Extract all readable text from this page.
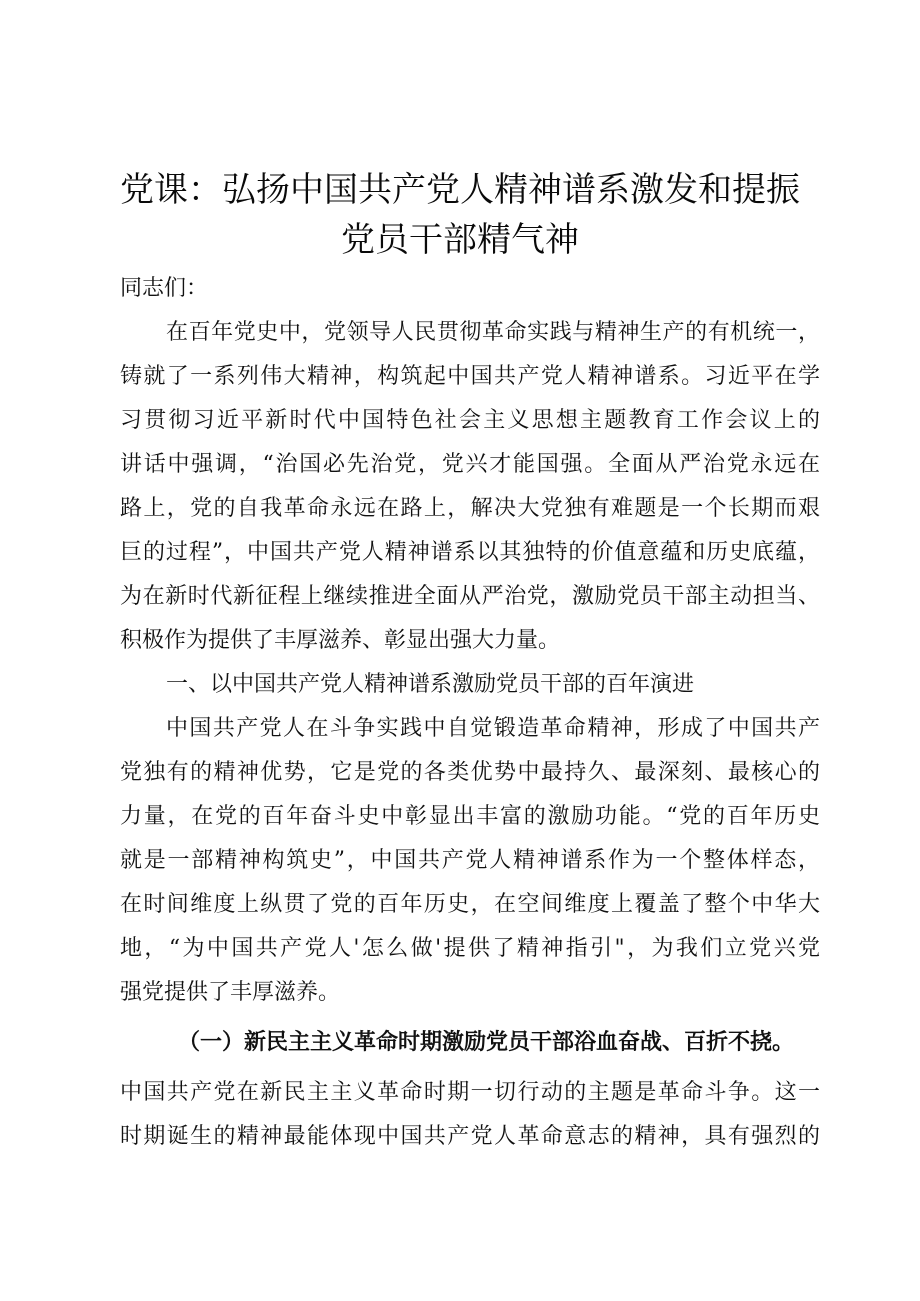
党课：弘扬中国共产党人精神谱系激发和提振
党员干部精气神
同志们：
在百年党史中，党领导人民贯彻革命实践与精神生产的有机统一，
铸就了一系列伟大精神，构筑起中国共产党人精神谱系。习近平在学
习贯彻习近平新时代中国特色社会主义思想主题教育工作会议上的
讲话中强调，“治国必先治党，党兴才能国强。全面从严治党永远在
路上，党的自我革命永远在路上，解决大党独有难题是一个长期而艰
巨的过程”，中国共产党人精神谱系以其独特的价值意蕴和历史底蕴，
为在新时代新征程上继续推进全面从严治党，激励党员干部主动担当、
积极作为提供了丰厚滋养、彰显出强大力量。
一、以中国共产党人精神谱系激励党员干部的百年演进
中国共产党人在斗争实践中自觉锻造革命精神，形成了中国共产
党独有的精神优势，它是党的各类优势中最持久、最深刻、最核心的
力量，在党的百年奋斗史中彰显出丰富的激励功能。“党的百年历史
就是一部精神构筑史”，中国共产党人精神谱系作为一个整体样态，
在时间维度上纵贯了党的百年历史，在空间维度上覆盖了整个中华大
地，“为中国共产党人'怎么做'提供了精神指引"，为我们立党兴党
强党提供了丰厚滋养。
（一）新民主主义革命时期激励党员干部浴血奋战、百折不挠。
中国共产党在新民主主义革命时期一切行动的主题是革命斗争。这一
时期诞生的精神最能体现中国共产党人革命意志的精神，具有强烈的
